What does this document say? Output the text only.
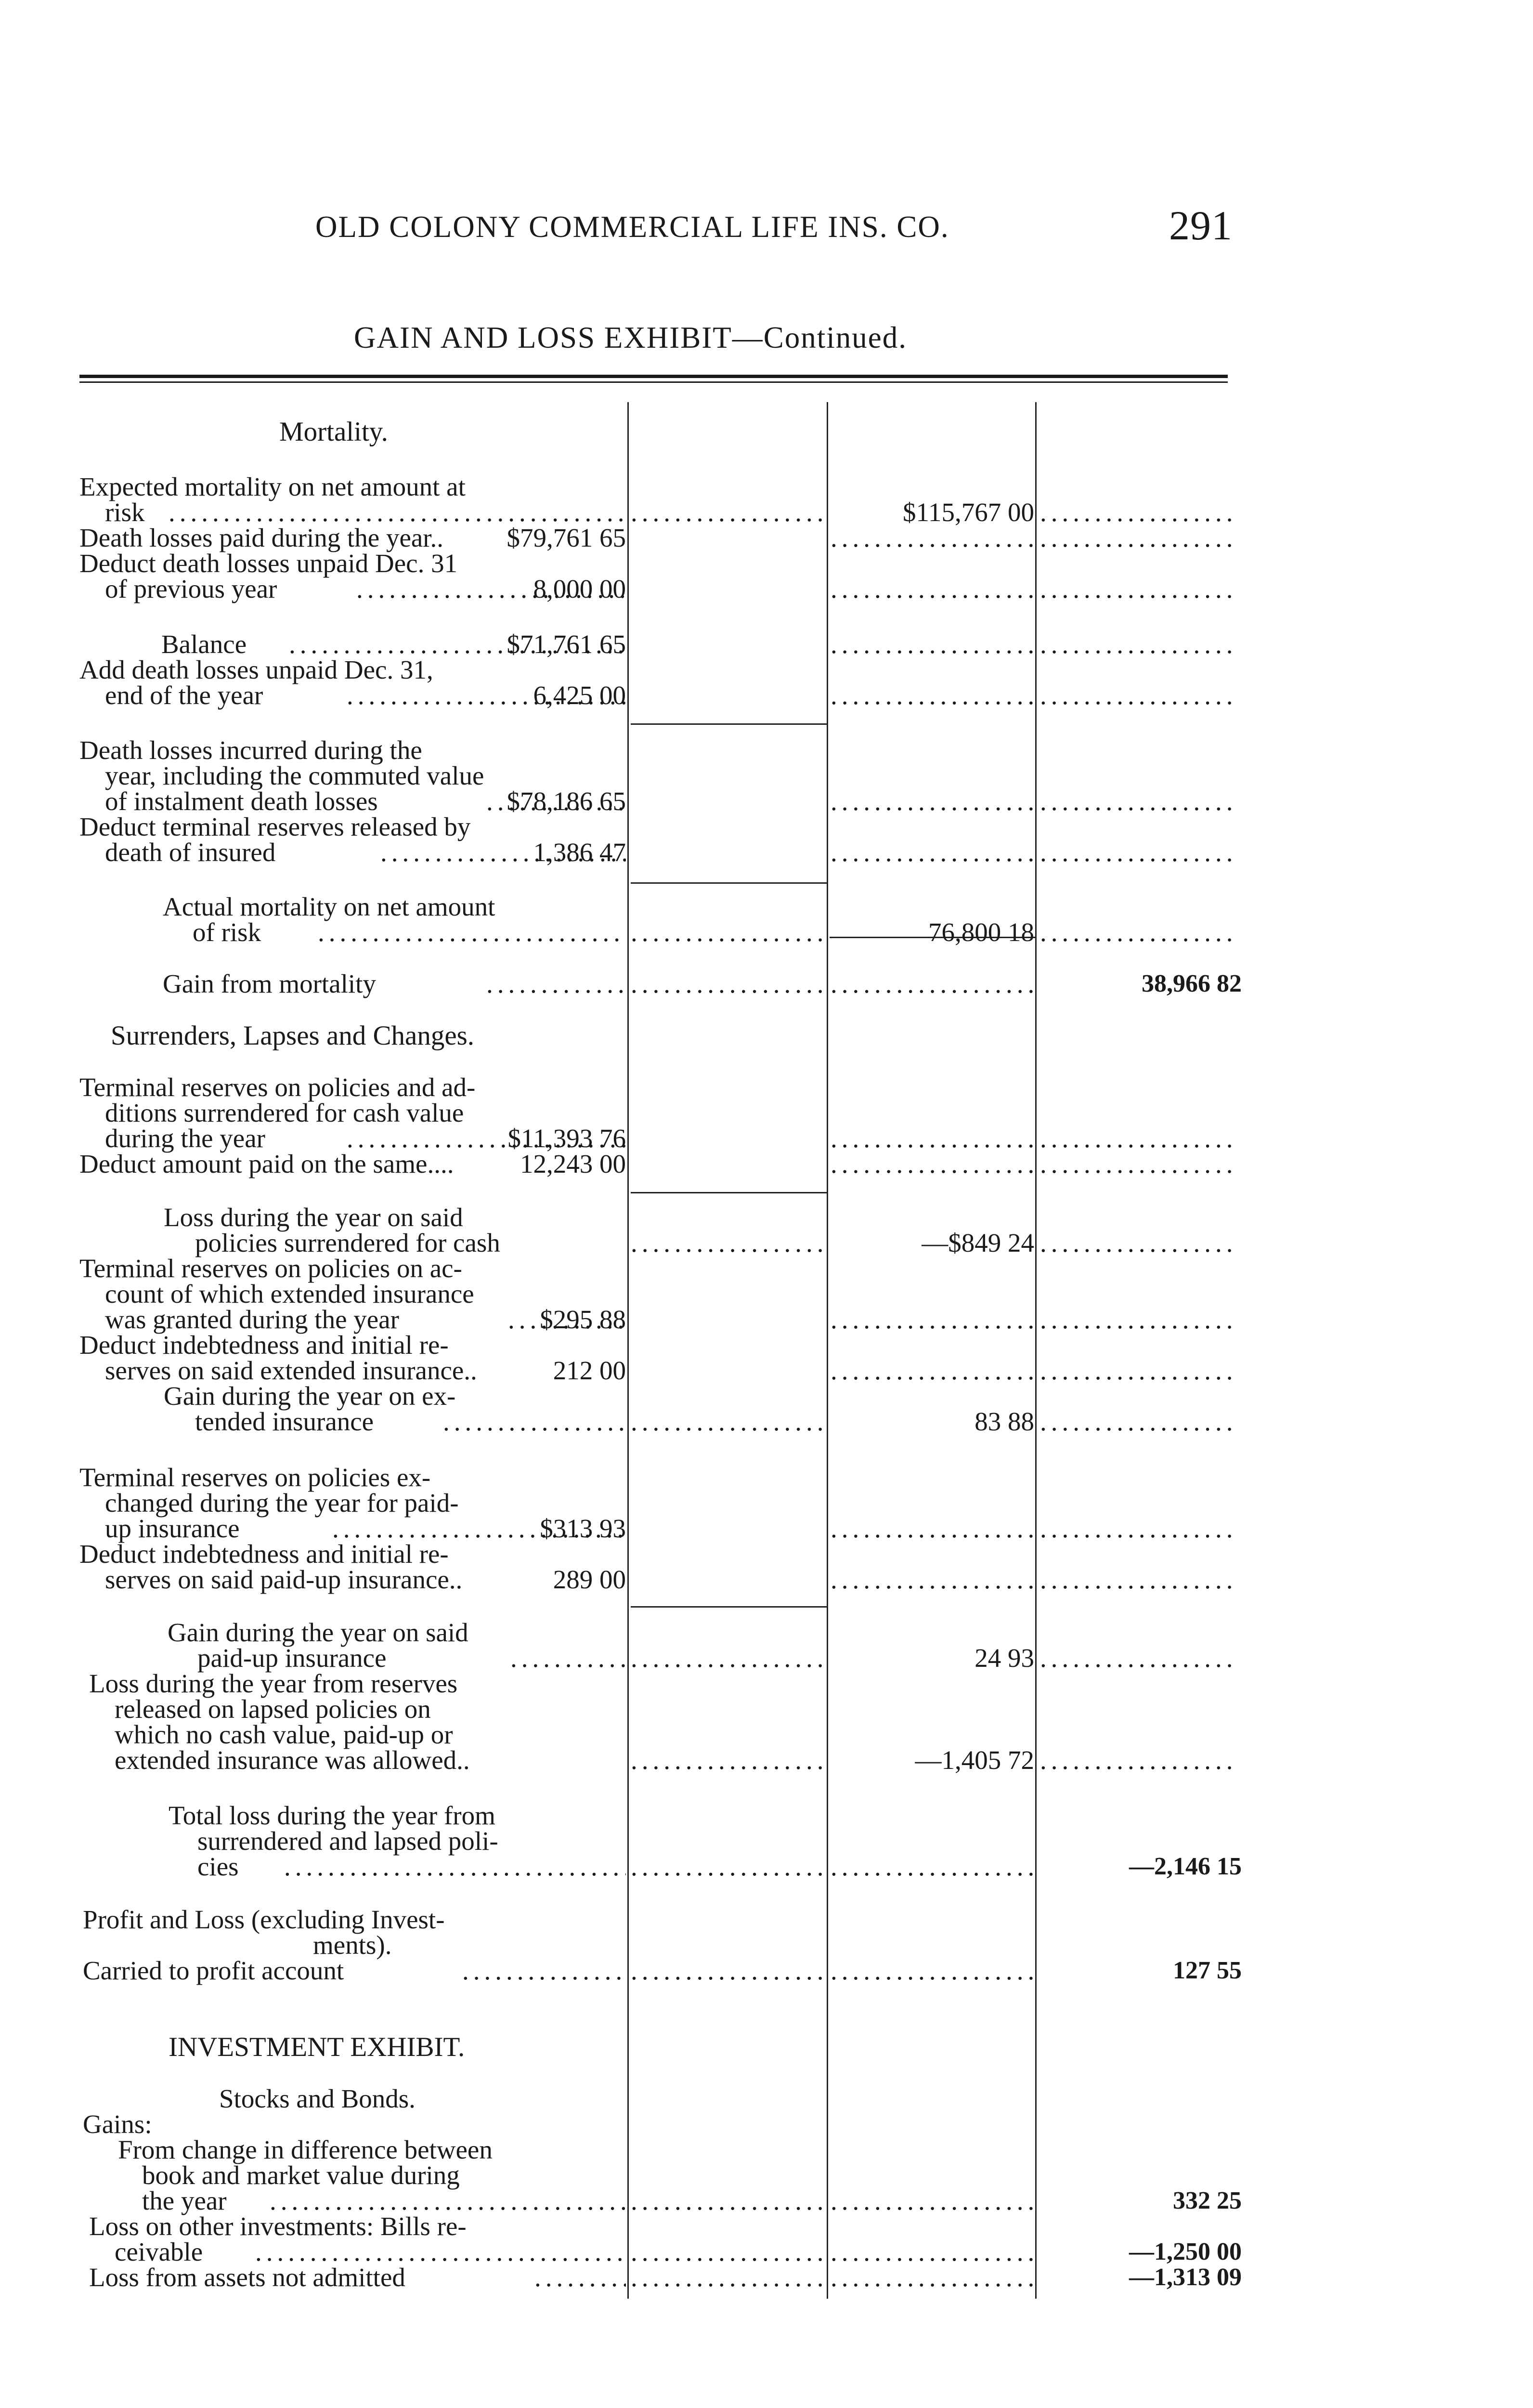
OLD COLONY COMMERCIAL LIFE INS. CO.	291
GAIN AND LOSS EXHIBIT—Continued.
Mortality.
Expected mortality on net amount at
risk ..... .....	$115,767 00
.....
Death losses paid during the year.. $79,761 65
.....
.....
Deduct death losses unpaid Dec. 31
of previous year .....	8,000 00
.....
.....
Balance .....	$71,761 65
.....
.....
Add death losses unpaid Dec. 31,
end of the year .....	6,425 00
.....
.....
Death losses incurred during the
year, including the commuted value
of instalment death losses .....	$78,186 65
.....
.....
Deduct terminal reserves released by
death of insured .....	1,386 47
.....
.....
Actual mortality on net amount
of risk ..... .....	76,800 18
.....
Gain from mortality ..... ..... .....	38,966 82
Surrenders, Lapses and Changes.
Terminal reserves on policies and ad-
ditions surrendered for cash value
during the year .....	$11,393 76
.....
.....
Deduct amount paid on the same....	12,243 00
.....
.....
Loss during the year on said
policies surrendered for cash .....	—$849 24
.....
Terminal reserves on policies on ac-
count of which extended insurance
was granted during the year .....	$295 88
.....
.....
Deduct indebtedness and initial re-
serves on said extended insurance..	212 00
.....
.....
Gain during the year on ex-
tended insurance ..... .....	83 88
.....
Terminal reserves on policies ex-
changed during the year for paid-
up insurance .....	$313 93
.....
.....
Deduct indebtedness and initial re-
serves on said paid-up insurance..	289 00
.....
.....
Gain during the year on said
paid-up insurance ..... .....	24 93
.....
Loss during the year from reserves
released on lapsed policies on
which no cash value, paid-up or
extended insurance was allowed.. .....	—1,405 72
.....
Total loss during the year from
surrendered and lapsed poli-
cies ..... ..... .....	—2,146 15
Profit and Loss (excluding Invest-
ments).
Carried to profit account ..... ..... .....	127 55
INVESTMENT EXHIBIT.
Stocks and Bonds.
Gains:
From change in difference between
book and market value during
the year ..... ..... .....	332 25
Loss on other investments: Bills re-
ceivable ..... ..... .....	—1,250 00
Loss from assets not admitted ..... ..... .....	—1,313 09
